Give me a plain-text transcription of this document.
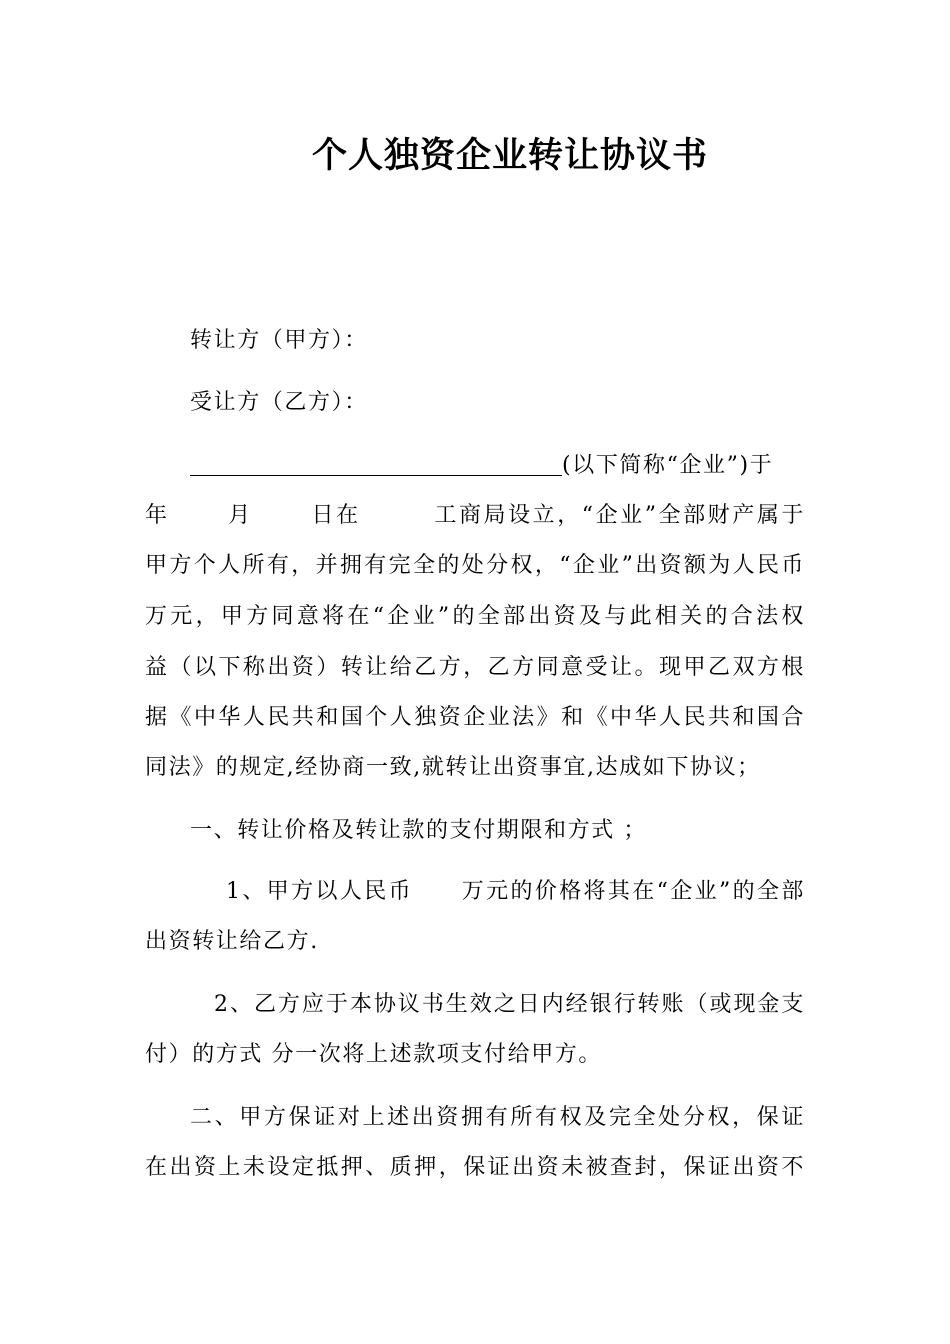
个人独资企业转让协议书
转让方（甲方）：
受让方（乙方）：
(以下简称“企业”)于
年　　 月 　　日在　　　工商局设立，“企业”全部财产属于
甲方个人所有，并拥有完全的处分权，“企业”出资额为人民币
万元，甲方同意将在“企业”的全部出资及与此相关的合法权
益（以下称出资）转让给乙方，乙方同意受让。现甲乙双方根
据《中华人民共和国个人独资企业法》和《中华人民共和国合
同法》的规定,经协商一致,就转让出资事宜,达成如下协议；
一、转让价格及转让款的支付期限和方式 ；
1、甲方以人民币　　万元的价格将其在“企业”的全部
出资转让给乙方.
2、乙方应于本协议书生效之日内经银行转账（或现金支
付）的方式 分一次将上述款项支付给甲方。
二、甲方保证对上述出资拥有所有权及完全处分权，保证
在出资上未设定抵押、质押，保证出资未被查封，保证出资不
